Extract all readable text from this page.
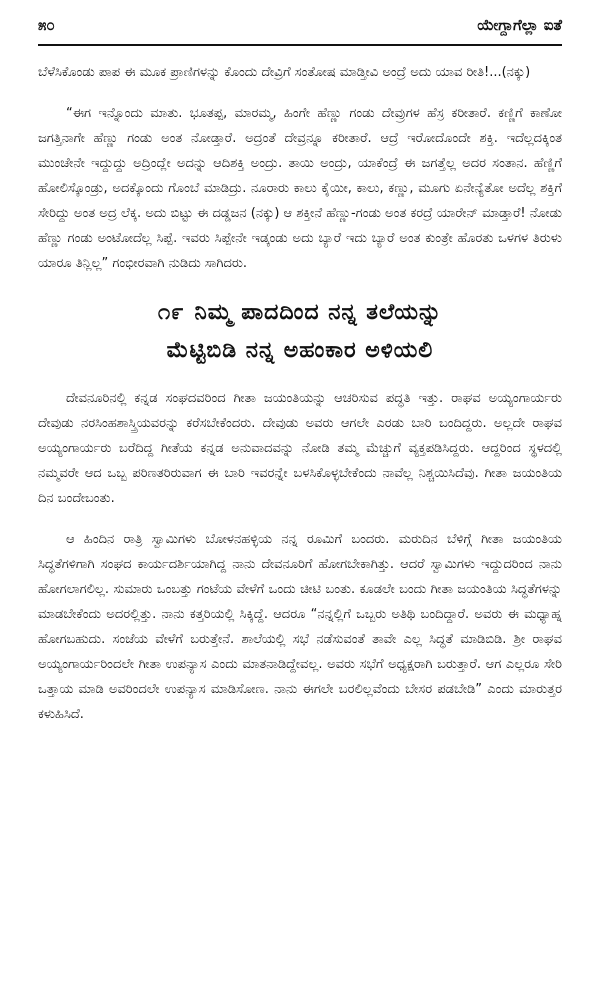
೫೦	ಯೇಗ್ದಾಗೆಲ್ಲಾ ಐತೆ

ಬೆಳೆಸಿಕೊಂಡು ಪಾಪ ಈ ಮೂಕ ಪ್ರಾಣಿಗಳನ್ನು ಕೊಂದು ದೇವ್ರಿಗೆ ಸಂತೋಷ ಮಾಡ್ತೀವಿ ಅಂದ್ರೆ ಅದು ಯಾವ ರೀತಿ!...(ನಕ್ಕು)

“ಈಗ ಇನ್ನೊಂದು ಮಾತು. ಭೂತಪ್ಪ, ಮಾರಮ್ಮ, ಹಿಂಗೇ ಹೆಣ್ಣು ಗಂಡು ದೇವ್ರುಗಳ ಹೆಸ್ರ ಕರೀತಾರೆ. ಕಣ್ಣಿಗೆ ಕಾಣೋ ಜಗತ್ತಿನಾಗೇ ಹೆಣ್ಣು ಗಂಡು ಅಂತ ನೋಡ್ತಾರೆ. ಅದ್ರಂತೆ ದೇವ್ರನ್ನೂ ಕರೀತಾರೆ. ಆದ್ರೆ ಇರೋದೊಂದೇ ಶಕ್ತಿ. ಇದೆಲ್ಲದಕ್ಕಿಂತ ಮುಂಚೇನೇ ಇದ್ದುದ್ದು ಅದ್ರಿಂದ್ಲೇ ಅದನ್ನು ಆದಿಶಕ್ತಿ ಅಂದ್ರು. ತಾಯಿ ಅಂದ್ರು, ಯಾಕೆಂದ್ರೆ ಈ ಜಗತ್ತೆಲ್ಲ ಅದರ ಸಂತಾನ. ಹೆಣ್ಣಿಗೆ ಹೋಲಿಸ್ಕೊಂಡ್ರು, ಅದಕ್ಕೊಂದು ಗೊಂಬೆ ಮಾಡಿದ್ರು. ನೂರಾರು ಕಾಲು ಕೈಯೀ, ಕಾಲು, ಕಣ್ಣು, ಮೂಗು ಏನೇನ್ಯೆತೋ ಅದೆಲ್ಲ ಶಕ್ತಿಗೆ ಸೇರಿದ್ದು ಅಂತ ಅದ್ರ ಲೆಕ್ಕ. ಅದು ಬಿಟ್ಟು ಈ ದಡ್ಡಜನ (ನಕ್ಕು) ಆ ಶಕ್ತೀನೆ ಹೆಣ್ಣು-ಗಂಡು ಅಂತ ಕರದ್ರೆ ಯಾರೇನ್ ಮಾಡ್ತಾರೆ! ನೋಡು ಹೆಣ್ಣು ಗಂಡು ಅಂಟೋದೆಲ್ಲ ಸಿಪ್ಪೆ. ಇವರು ಸಿಪ್ಪೇನೇ ಇಡ್ಕಂಡು ಅದು ಬ್ಯಾರೆ ಇದು ಬ್ಯಾರೆ ಅಂತ ಕುಂತ್ರೇ ಹೊರತು ಒಳಗಳ ತಿರುಳು ಯಾರೂ ತಿನ್ಲಿಲ್ಲ” ಗಂಭೀರವಾಗಿ ನುಡಿದು ಸಾಗಿದರು.

೧೯ ನಿಮ್ಮ ಪಾದದಿಂದ ನನ್ನ ತಲೆಯನ್ನು
ಮೆಟ್ಟಿಬಿಡಿ ನನ್ನ ಅಹಂಕಾರ ಅಳಿಯಲಿ

ದೇವನೂರಿನಲ್ಲಿ ಕನ್ನಡ ಸಂಘದವರಿಂದ ಗೀತಾ ಜಯಂತಿಯನ್ನು ಆಚರಿಸುವ ಪದ್ಧತಿ ಇತ್ತು. ರಾಘವ ಅಯ್ಯಂಗಾರ್ಯರು ದೇವುಡು ನರಸಿಂಹಶಾಸ್ತ್ರಿಯವರನ್ನು ಕರೆಸಬೇಕೆಂದರು. ದೇವುಡು ಅವರು ಆಗಲೇ ಎರಡು ಬಾರಿ ಬಂದಿದ್ದರು. ಅಲ್ಲದೇ ರಾಘವ ಅಯ್ಯಂಗಾರ್ಯರು ಬರೆದಿದ್ದ ಗೀತೆಯ ಕನ್ನಡ ಅನುವಾದವನ್ನು ನೋಡಿ ತಮ್ಮ ಮೆಚ್ಚುಗೆ ವ್ಯಕ್ತಪಡಿಸಿದ್ದರು. ಆದ್ದರಿಂದ ಸ್ಥಳದಲ್ಲಿ ನಮ್ಮವರೇ ಆದ ಒಬ್ಬ ಪರಿಣತರಿರುವಾಗ ಈ ಬಾರಿ ಇವರನ್ನೇ ಬಳಸಿಕೊಳ್ಳಬೇಕೆಂದು ನಾವೆಲ್ಲ ನಿಶ್ಚಯಿಸಿದೆವು. ಗೀತಾ ಜಯಂತಿಯ ದಿನ ಬಂದೇಬಂತು.

ಆ ಹಿಂದಿನ ರಾತ್ರಿ ಸ್ವಾಮಿಗಳು ಬೋಳನಹಳ್ಳಿಯ ನನ್ನ ರೂಮಿಗೆ ಬಂದರು. ಮರುದಿನ ಬೆಳಿಗ್ಗೆ ಗೀತಾ ಜಯಂತಿಯ ಸಿದ್ಧತೆಗಳಿಗಾಗಿ ಸಂಘದ ಕಾರ್ಯದರ್ಶಿಯಾಗಿದ್ದ ನಾನು ದೇವನೂರಿಗೆ ಹೋಗಬೇಕಾಗಿತ್ತು. ಆದರೆ ಸ್ವಾಮಿಗಳು ಇದ್ದುದರಿಂದ ನಾನು ಹೋಗಲಾಗಲಿಲ್ಲ. ಸುಮಾರು ಒಂಬತ್ತು ಗಂಟೆಯ ವೇಳೆಗೆ ಒಂದು ಚೀಟಿ ಬಂತು. ಕೂಡಲೇ ಬಂದು ಗೀತಾ ಜಯಂತಿಯ ಸಿದ್ಧತೆಗಳನ್ನು ಮಾಡಬೇಕೆಂದು ಅದರಲ್ಲಿತ್ತು. ನಾನು ಕತ್ತರಿಯಲ್ಲಿ ಸಿಕ್ಕಿದ್ದೆ. ಆದರೂ “ನನ್ನಲ್ಲಿಗೆ ಒಬ್ಬರು ಅತಿಥಿ ಬಂದಿದ್ದಾರೆ. ಅವರು ಈ ಮಧ್ಯಾಹ್ನ ಹೋಗಬಹುದು. ಸಂಜೆಯ ವೇಳೆಗೆ ಬರುತ್ತೇನೆ. ಶಾಲೆಯಲ್ಲಿ ಸಭೆ ನಡೆಸುವಂತೆ ತಾವೇ ಎಲ್ಲ ಸಿದ್ಧತೆ ಮಾಡಿಬಿಡಿ. ಶ್ರೀ ರಾಘವ ಅಯ್ಯಂಗಾರ್ಯರಿಂದಲೇ ಗೀತಾ ಉಪನ್ಯಾಸ ಎಂದು ಮಾತನಾಡಿದ್ದೇವಲ್ಲ. ಅವರು ಸಭೆಗೆ ಅಧ್ಯಕ್ಷರಾಗಿ ಬರುತ್ತಾರೆ. ಆಗ ಎಲ್ಲರೂ ಸೇರಿ ಒತ್ತಾಯ ಮಾಡಿ ಅವರಿಂದಲೇ ಉಪನ್ಯಾಸ ಮಾಡಿಸೋಣ. ನಾನು ಈಗಲೇ ಬರಲಿಲ್ಲವೆಂದು ಬೇಸರ ಪಡಬೇಡಿ” ಎಂದು ಮಾರುತ್ತರ ಕಳುಹಿಸಿದೆ.
